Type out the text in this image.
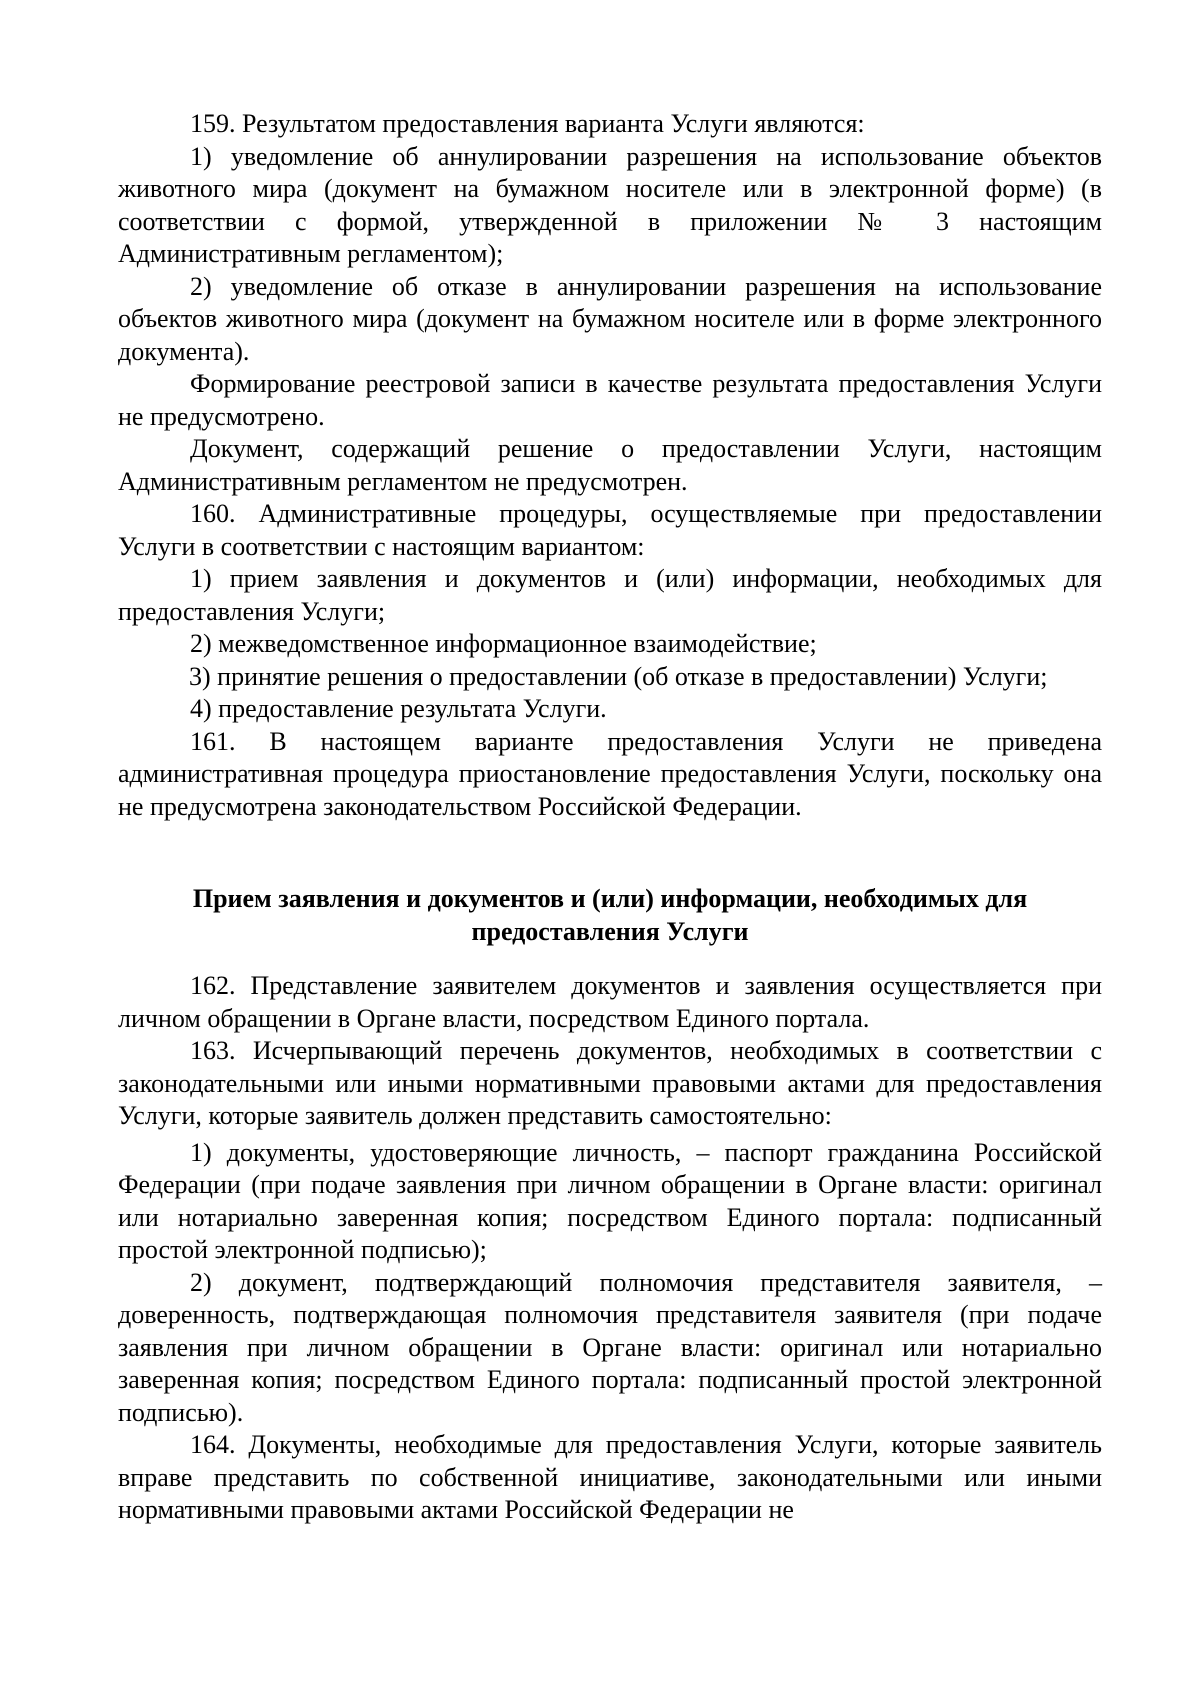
159. Результатом предоставления варианта Услуги являются:

1) уведомление об аннулировании разрешения на использование объектов животного мира (документ на бумажном носителе или в электронной форме) (в соответствии с формой, утвержденной в приложении № 3 настоящим Административным регламентом);

2) уведомление об отказе в аннулировании разрешения на использование объектов животного мира (документ на бумажном носителе или в форме электронного документа).

Формирование реестровой записи в качестве результата предоставления Услуги не предусмотрено.

Документ, содержащий решение о предоставлении Услуги, настоящим Административным регламентом не предусмотрен.

160. Административные процедуры, осуществляемые при предоставлении Услуги в соответствии с настоящим вариантом:

1) прием заявления и документов и (или) информации, необходимых для предоставления Услуги;

2) межведомственное информационное взаимодействие;

3) принятие решения о предоставлении (об отказе в предоставлении) Услуги;

4) предоставление результата Услуги.

161. В настоящем варианте предоставления Услуги не приведена административная процедура приостановление предоставления Услуги, поскольку она не предусмотрена законодательством Российской Федерации.

Прием заявления и документов и (или) информации, необходимых для предоставления Услуги

162. Представление заявителем документов и заявления осуществляется при личном обращении в Органе власти, посредством Единого портала.

163. Исчерпывающий перечень документов, необходимых в соответствии с законодательными или иными нормативными правовыми актами для предоставления Услуги, которые заявитель должен представить самостоятельно:

1) документы, удостоверяющие личность, – паспорт гражданина Российской Федерации (при подаче заявления при личном обращении в Органе власти: оригинал или нотариально заверенная копия; посредством Единого портала: подписанный простой электронной подписью);

2) документ, подтверждающий полномочия представителя заявителя, – доверенность, подтверждающая полномочия представителя заявителя (при подаче заявления при личном обращении в Органе власти: оригинал или нотариально заверенная копия; посредством Единого портала: подписанный простой электронной подписью).

164. Документы, необходимые для предоставления Услуги, которые заявитель вправе представить по собственной инициативе, законодательными или иными нормативными правовыми актами Российской Федерации не
